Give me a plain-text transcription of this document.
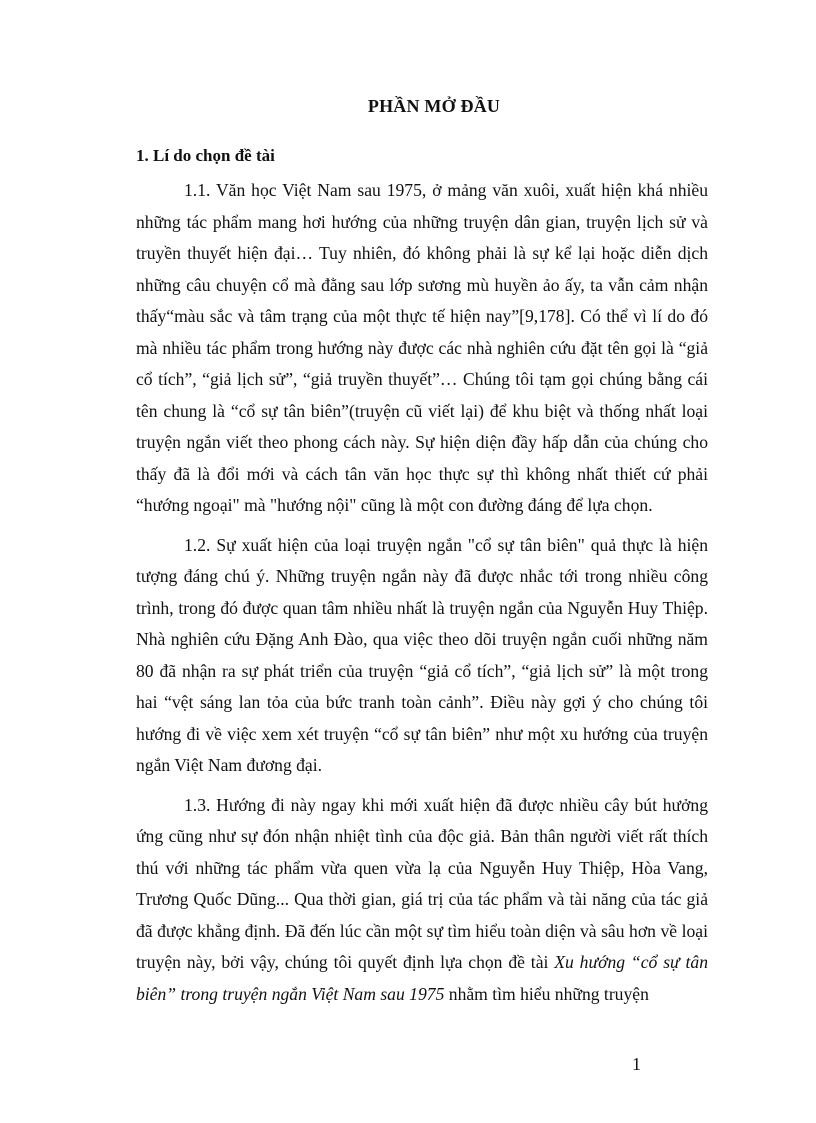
PHẦN MỞ ĐẦU
1. Lí do chọn đề tài

1.1. Văn học Việt Nam sau 1975, ở mảng văn xuôi, xuất hiện khá nhiều những tác phẩm mang hơi hướng của những truyện dân gian, truyện lịch sử và truyền thuyết hiện đại… Tuy nhiên, đó không phải là sự kể lại hoặc diễn dịch những câu chuyện cổ mà đằng sau lớp sương mù huyền ảo ấy, ta vẫn cảm nhận thấy“màu sắc và tâm trạng của một thực tế hiện nay”[9,178]. Có thể vì lí do đó mà nhiều tác phẩm trong hướng này được các nhà nghiên cứu đặt tên gọi là “giả cổ tích”, “giả lịch sử”, “giả truyền thuyết”… Chúng tôi tạm gọi chúng bằng cái tên chung là “cổ sự tân biên”(truyện cũ viết lại) để khu biệt và thống nhất loại truyện ngắn viết theo phong cách này. Sự hiện diện đầy hấp dẫn của chúng cho thấy đã là đổi mới và cách tân văn học thực sự thì không nhất thiết cứ phải “hướng ngoại" mà "hướng nội" cũng là một con đường đáng để lựa chọn.

1.2. Sự xuất hiện của loại truyện ngắn "cổ sự tân biên" quả thực là hiện tượng đáng chú ý. Những truyện ngắn này đã được nhắc tới trong nhiều công trình, trong đó được quan tâm nhiều nhất là truyện ngắn của Nguyễn Huy Thiệp. Nhà nghiên cứu Đặng Anh Đào, qua việc theo dõi truyện ngắn cuối những năm 80 đã nhận ra sự phát triển của truyện “giả cổ tích”, “giả lịch sử” là một trong hai “vệt sáng lan tỏa của bức tranh toàn cảnh”. Điều này gợi ý cho chúng tôi hướng đi về việc xem xét truyện “cổ sự tân biên” như một xu hướng của truyện ngắn Việt Nam đương đại.

1.3. Hướng đi này ngay khi mới xuất hiện đã được nhiều cây bút hưởng ứng cũng như sự đón nhận nhiệt tình của độc giả. Bản thân người viết rất thích thú với những tác phẩm vừa quen vừa lạ của Nguyễn Huy Thiệp, Hòa Vang, Trương Quốc Dũng... Qua thời gian, giá trị của tác phẩm và tài năng của tác giả đã được khẳng định. Đã đến lúc cần một sự tìm hiểu toàn diện và sâu hơn về loại truyện này, bởi vậy, chúng tôi quyết định lựa chọn đề tài Xu hướng “cổ sự tân biên” trong truyện ngắn Việt Nam sau 1975 nhằm tìm hiểu những truyện

1
